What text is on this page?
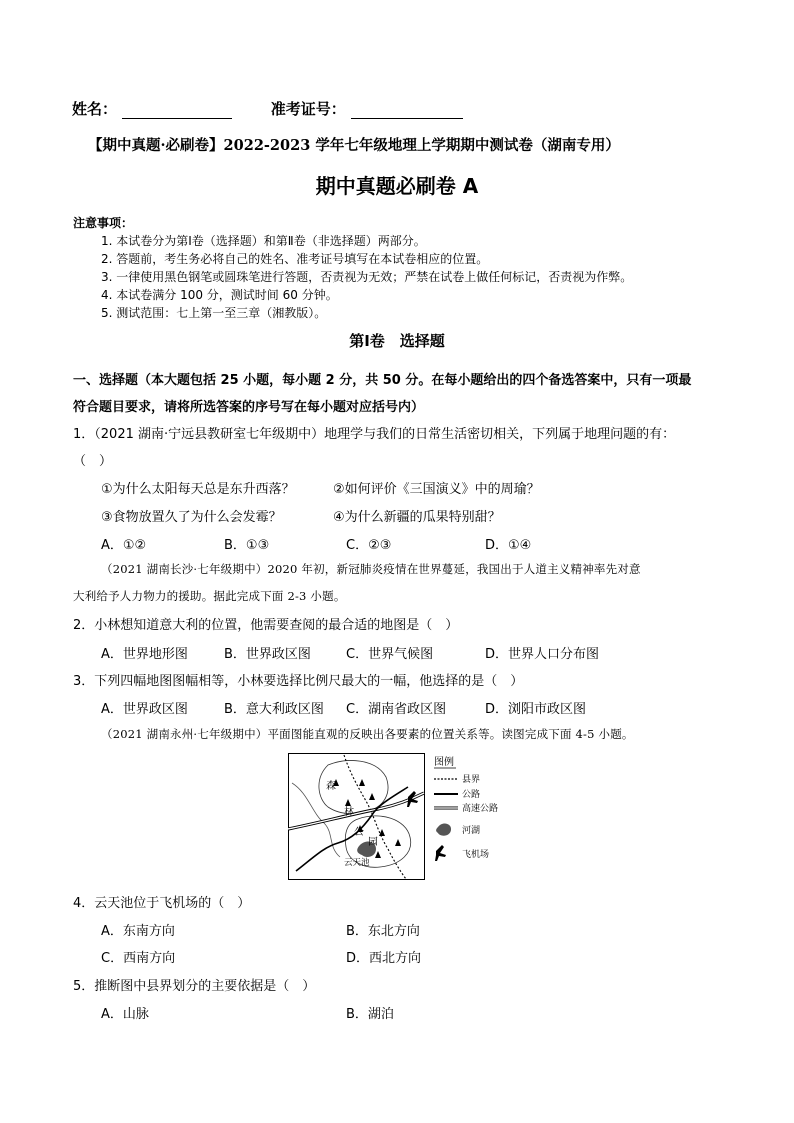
姓名：	准考证号：
【期中真题·必刷卷】2022-2023 学年七年级地理上学期期中测试卷（湖南专用）
期中真题必刷卷 A
注意事项：
1. 本试卷分为第Ⅰ卷（选择题）和第Ⅱ卷（非选择题）两部分。
2. 答题前，考生务必将自己的姓名、准考证号填写在本试卷相应的位置。
3. 一律使用黑色钢笔或圆珠笔进行答题，否责视为无效；严禁在试卷上做任何标记，否责视为作弊。
4. 本试卷满分 100 分，测试时间 60 分钟。
5. 测试范围：七上第一至三章（湘教版）。
第Ⅰ卷　选择题
一、选择题（本大题包括 25 小题，每小题 2 分，共 50 分。在每小题给出的四个备选答案中，只有一项最
符合题目要求，请将所选答案的序号写在每小题对应括号内）
1．（2021 湖南·宁远县教研室七年级期中）地理学与我们的日常生活密切相关，下列属于地理问题的有：
（　）
①为什么太阳每天总是东升西落？	②如何评价《三国演义》中的周瑜？
③食物放置久了为什么会发霉？	④为什么新疆的瓜果特别甜？
A．①②	B．①③	C．②③	D．①④
（2021 湖南长沙·七年级期中）2020 年初，新冠肺炎疫情在世界蔓延，我国出于人道主义精神率先对意
大利给予人力物力的援助。据此完成下面 2-3 小题。
2．小林想知道意大利的位置，他需要查阅的最合适的地图是（　）
A．世界地形图	B．世界政区图	C．世界气候图	D．世界人口分布图
3．下列四幅地图图幅相等，小林要选择比例尺最大的一幅，他选择的是（　）
A．世界政区图	B．意大利政区图 C．湖南省政区图	D．浏阳市政区图
（2021 湖南永州·七年级期中）平面图能直观的反映出各要素的位置关系等。读图完成下面 4-5 小题。
森
林
公
园
云天池
图例
县界
公路
高速公路
河湖
飞机场
4．云天池位于飞机场的（　）
A．东南方向	B．东北方向
C．西南方向	D．西北方向
5．推断图中县界划分的主要依据是（　）
A．山脉	B．湖泊
